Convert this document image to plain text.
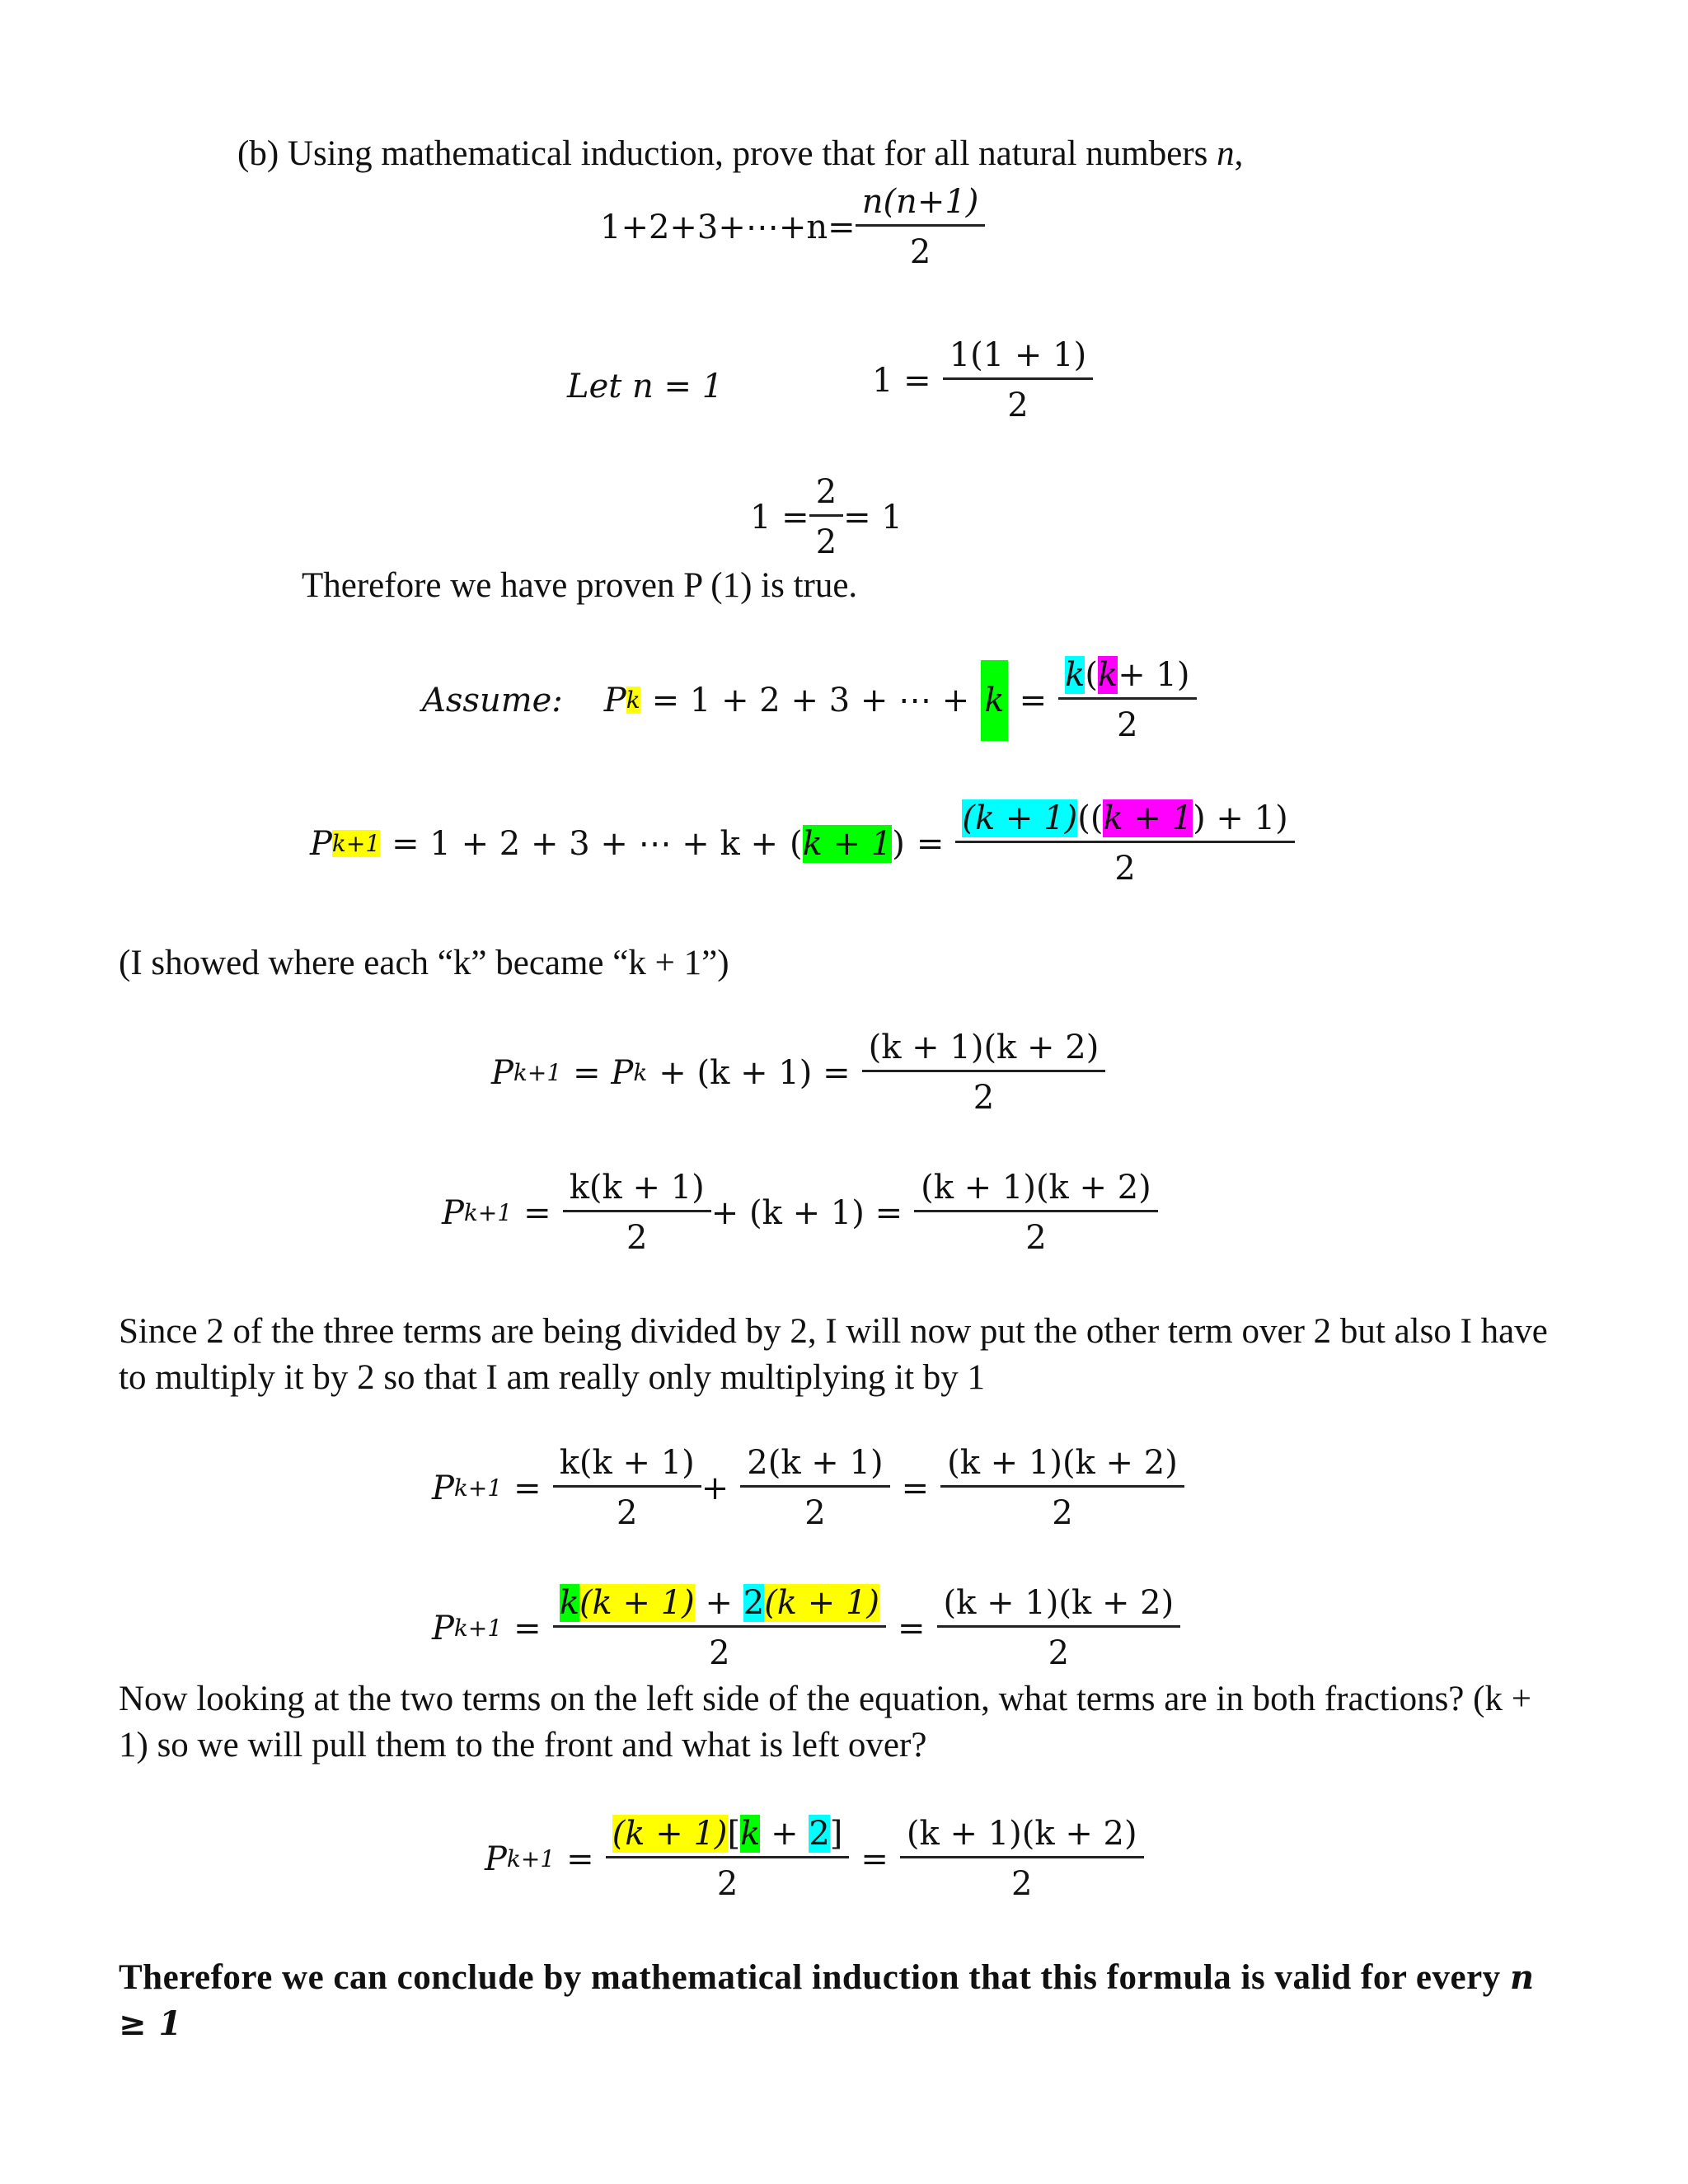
(b) Using mathematical induction, prove that for all natural numbers n,
1+2+3+⋯+n= $\frac{n(n+1)}{2}$
Let n = 1	$1 = \frac{1(1 + 1)}{2}$
$1 = \frac{2}{2} = 1$
Therefore we have proven P (1) is true.
Assume: P k = 1 + 2 + 3 + ⋯ + $k = \frac{k(k+ 1)}{2}$
P k+1 = 1 + 2 + 3 + ⋯ + k + ( k + 1 ) = $\frac{(k + 1)((k + 1) + 1)}{2}$
(I showed where each “k” became “k + 1”)
P k+1 = P $k + (k + 1) = \frac{(k + 1)(k + 2)}{2}$
P $k+1 = \frac{k(k + 1)}{2} + (k + 1) = \frac{(k + 1)(k + 2)}{2}$
Since 2 of the three terms are being divided by 2, I will now put the other term over 2 but also I have to multiply it by 2 so that I am really only multiplying it by 1
P $k+1 = \frac{k(k + 1)}{2} + \frac{2(k + 1)}{2} = \frac{(k + 1)(k + 2)}{2}$
P $k+1 = \frac{k(k + 1) + 2(k + 1)}{2} = \frac{(k + 1)(k + 2)}{2}$
Now looking at the two terms on the left side of the equation, what terms are in both fractions? (k + 1) so we will pull them to the front and what is left over?
P $k+1 = \frac{(k + 1)[k + 2]}{2} = \frac{(k + 1)(k + 2)}{2}$
Therefore we can conclude by mathematical induction that this formula is valid for every n ≥ 1
